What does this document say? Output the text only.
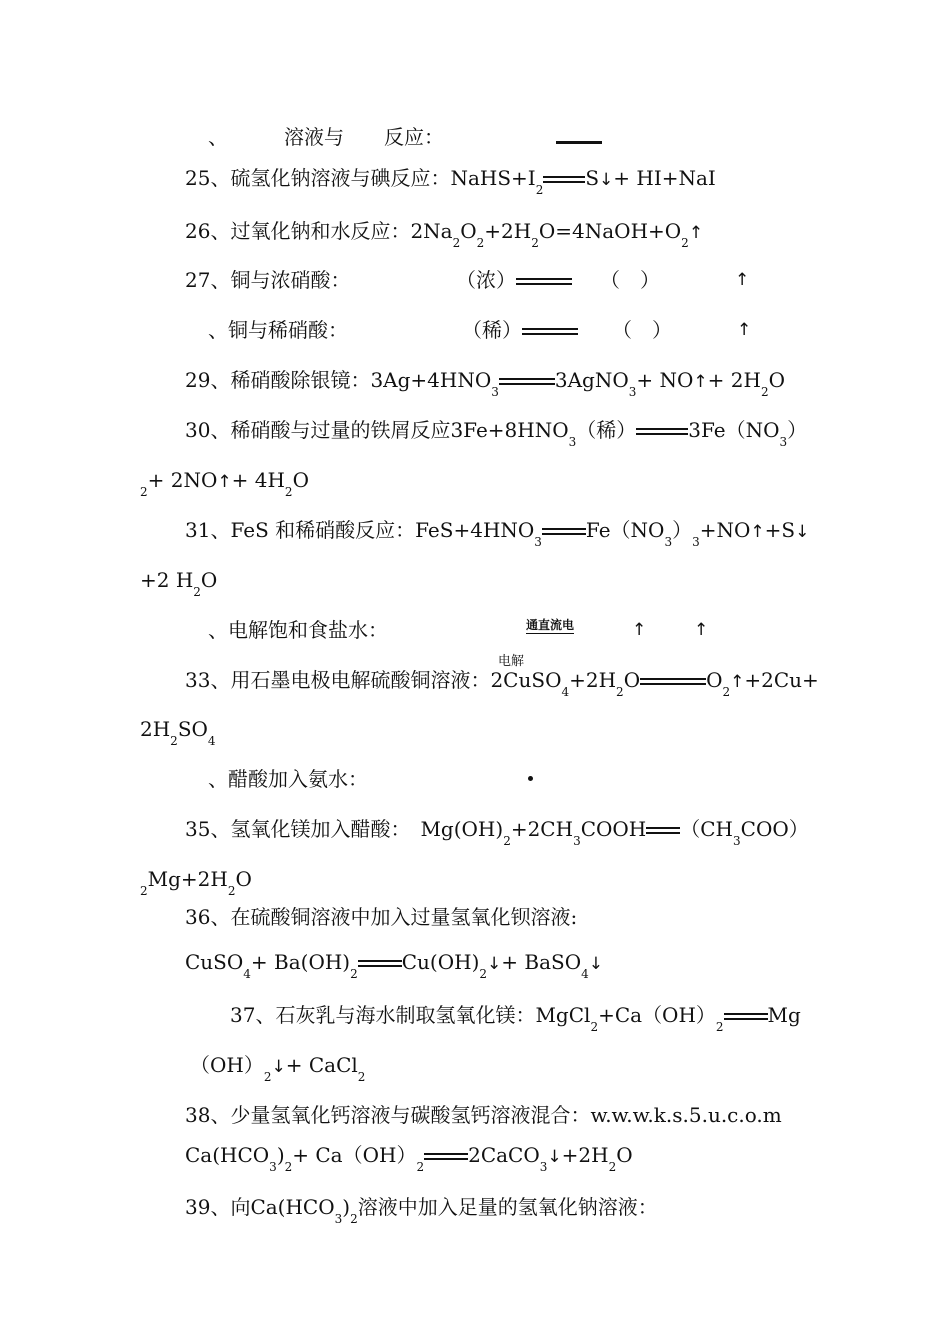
、	溶液与 反应：
25、硫氢化钠溶液与碘反应：$NaHS+I_2$ S↓+ HI+NaI
26、过氧化钠和水反应：$2Na_2O_2+2H_2O=4NaOH+O_2↑$
27、铜与浓硝酸：	（浓）	（　）	↑
、铜与稀硝酸：	（稀）	（　）	↑
29、稀硝酸除银镜：$3Ag+4HNO_3$	3AgNO$_3$+ NO↑+ $2H_2O$
30、稀硝酸与过量的铁屑反应$3Fe+8HNO_3$（稀）	$3Fe(NO_3)$
$_2$+ 2NO↑+ $4H_2O$
31、FeS 和稀硝酸反应：$FeS+4HNO_3$ $Fe(NO_3)_3+NO↑+S↓$
+2 $H_2O$
、电解饱和食盐水：	通直流电	↑	↑
电解
33、用石墨电极电解硫酸铜溶液：$2CuSO_4+2H_2O$	$O_2↑+2Cu+$
$2H_2SO_4$
、醋酸加入氨水：
35、氢氧化镁加入醋酸： $Mg(OH)_2+2CH_3COOH$ $(CH_3COO)$
$_2Mg+2H_2O$
36、在硫酸铜溶液中加入过量氢氧化钡溶液:
CuSO$_4$+ $Ba(OH)_2$ $Cu(OH)_2↓+$ BaSO$_4$↓
37、石灰乳与海水制取氢氧化镁：$MgCl_2+Ca(OH)_2$ Mg
$(OH)_2↓+$ CaCl$_2$
38、少量氢氧化钙溶液与碳酸氢钙溶液混合：w.w.w.k.s.5.u.c.o.m
$Ca(HCO_3)_2+ Ca(OH)_2$ $2CaCO_3↓+2H_2O$
39、向$Ca(HCO_3)_2$溶液中加入足量的氢氧化钠溶液：
